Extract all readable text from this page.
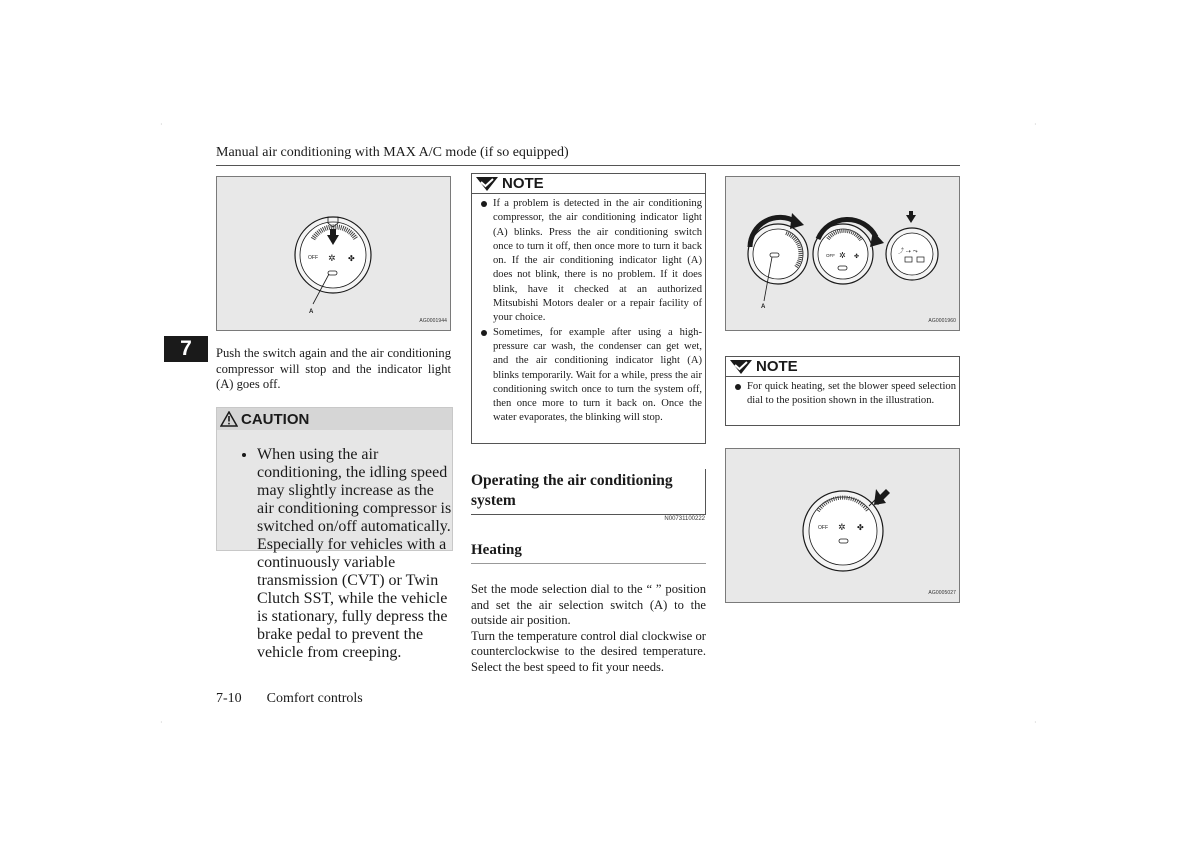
·	·
·	·
Manual air conditioning with MAX A/C mode (if so equipped)
7
OFF ✲ ✤
A
AG0001944

Push the switch again and the air conditioning compressor will stop and the indicator light (A) goes off.

CAUTION
• When using the air conditioning, the idling speed may slightly increase as the air conditioning compressor is switched on/off automatically. Especially for vehicles with a continuously variable transmission (CVT) or Twin Clutch SST, while the vehicle is stationary, fully depress the brake pedal to prevent the vehicle from creeping.
NOTE
If a problem is detected in the air conditioning compressor, the air conditioning indicator light (A) blinks. Press the air conditioning switch once to turn it off, then once more to turn it back on. If the air conditioning indicator light (A) does not blink, there is no problem. If it does blink, have it checked at an authorized Mitsubishi Motors dealer or a repair facility of your choice.
Sometimes, for example after using a high-pressure car wash, the condenser can get wet, and the air conditioning indicator light (A) blinks temporarily. Wait for a while, press the air conditioning switch once to turn the system off, then once more to turn it back on. Once the water evaporates, the blinking will stop.
Operating the air conditioning system
N00731100222
Heating

Set the mode selection dial to the “ ” position and set the air selection switch (A) to the outside air position.

Turn the temperature control dial clockwise or counterclockwise to the desired temperature. Select the best speed to fit your needs.

A
OFF ✲ ✤
⤴ ⇢ ⤳
AG0001960
NOTE
For quick heating, set the blower speed selection dial to the position shown in the illustration.
OFF ✲ ✤
AG0005027
7-10 Comfort controls
